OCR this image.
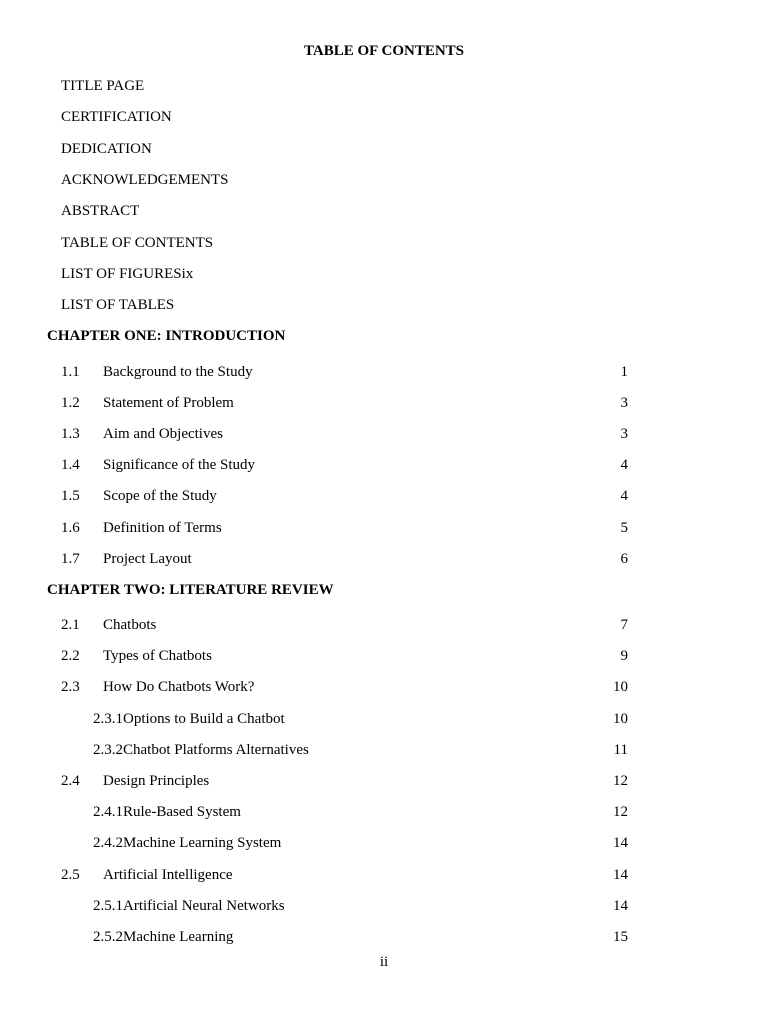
TABLE OF CONTENTS
TITLE PAGE
CERTIFICATION
DEDICATION
ACKNOWLEDGEMENTS
ABSTRACT
TABLE OF CONTENTS
LIST OF FIGURESix
LIST OF TABLES
CHAPTER ONE: INTRODUCTION
1.1 Background to the Study	1
1.2 Statement of Problem	3
1.3 Aim and Objectives	3
1.4 Significance of the Study	4
1.5 Scope of the Study	4
1.6 Definition of Terms	5
1.7 Project Layout	6
CHAPTER TWO: LITERATURE REVIEW
2.1 Chatbots	7
2.2 Types of Chatbots	9
2.3 How Do Chatbots Work?	10
2.3.1Options to Build a Chatbot	10
2.3.2Chatbot Platforms Alternatives	11
2.4 Design Principles	12
2.4.1Rule-Based System	12
2.4.2Machine Learning System	14
2.5 Artificial Intelligence	14
2.5.1Artificial Neural Networks	14
2.5.2Machine Learning	15
ii
